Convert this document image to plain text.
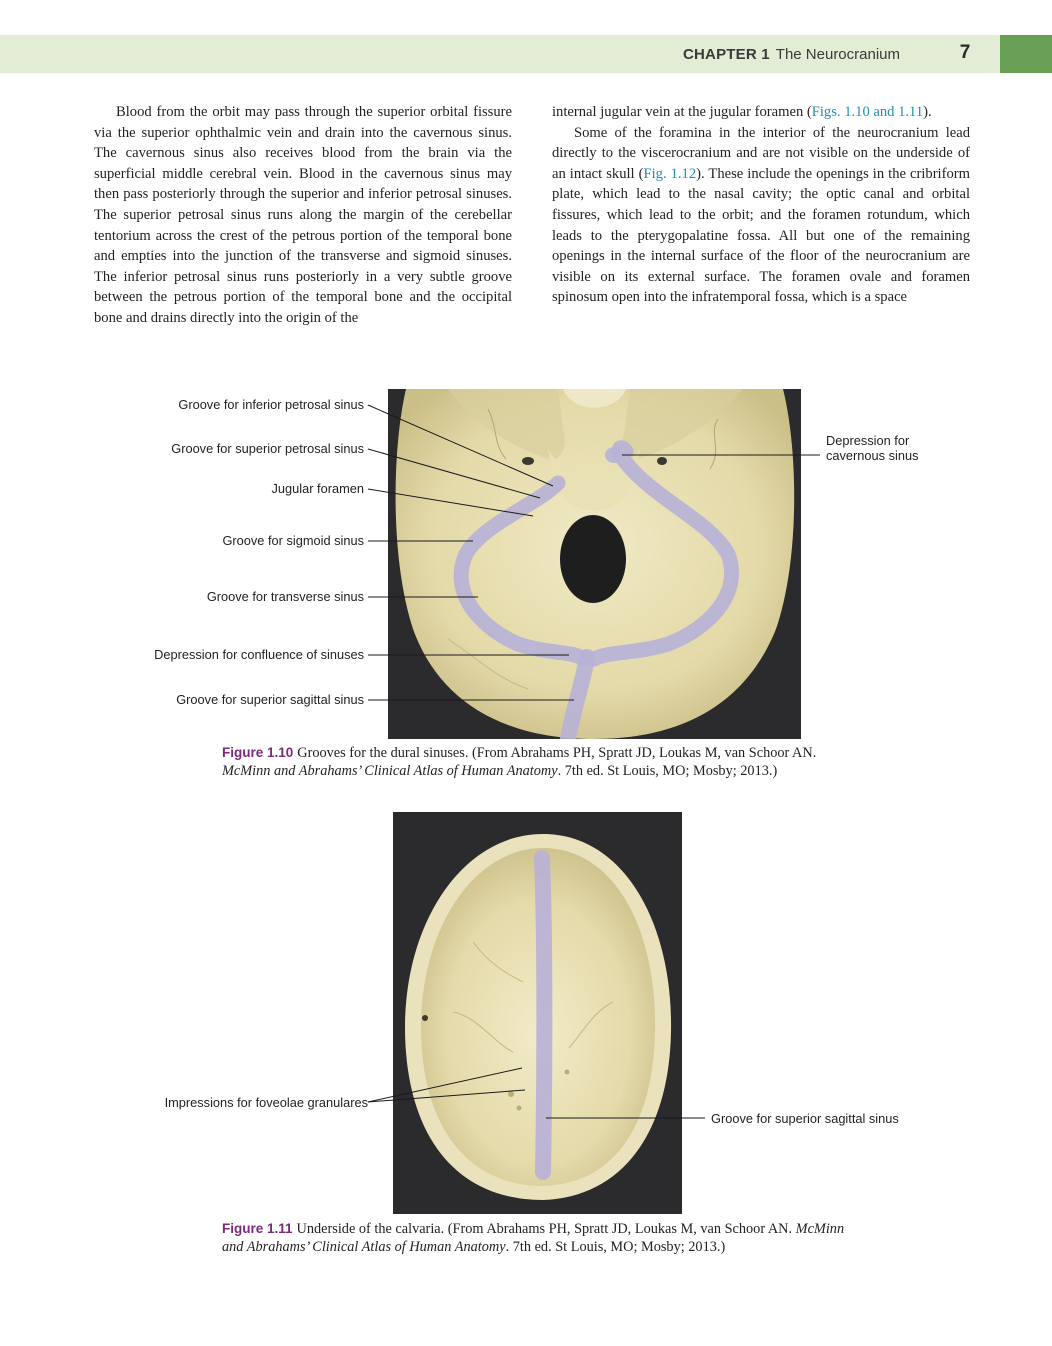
CHAPTER 1 The Neurocranium	7

Blood from the orbit may pass through the superior orbital fissure via the superior ophthalmic vein and drain into the cavernous sinus. The cavernous sinus also receives blood from the brain via the superficial middle cerebral vein. Blood in the cavernous sinus may then pass posteriorly through the superior and inferior petrosal sinuses. The superior petrosal sinus runs along the margin of the cerebellar tentorium across the crest of the petrous portion of the temporal bone and empties into the junction of the transverse and sigmoid sinuses. The inferior petrosal sinus runs posteriorly in a very subtle groove between the petrous portion of the temporal bone and the occipital bone and drains directly into the origin of the

internal jugular vein at the jugular foramen (Figs. 1.10 and 1.11).

Some of the foramina in the interior of the neurocranium lead directly to the viscerocranium and are not visible on the underside of an intact skull (Fig. 1.12). These include the openings in the cribriform plate, which lead to the nasal cavity; the optic canal and orbital fissures, which lead to the orbit; and the foramen rotundum, which leads to the pterygopalatine fossa. All but one of the remaining openings in the internal surface of the floor of the neurocranium are visible on its external surface. The foramen ovale and foramen spinosum open into the infratemporal fossa, which is a space

Groove for inferior petrosal sinus
Groove for superior petrosal sinus
Jugular foramen
Groove for sigmoid sinus
Groove for transverse sinus
Depression for confluence of sinuses
Groove for superior sagittal sinus
Depression for
cavernous sinus
Figure 1.10 Grooves for the dural sinuses. (From Abrahams PH, Spratt JD, Loukas M, van Schoor AN. McMinn and Abrahams’ Clinical Atlas of Human Anatomy. 7th ed. St Louis, MO; Mosby; 2013.)
Impressions for foveolae granulares
Groove for superior sagittal sinus
Figure 1.11 Underside of the calvaria. (From Abrahams PH, Spratt JD, Loukas M, van Schoor AN. McMinn and Abrahams’ Clinical Atlas of Human Anatomy. 7th ed. St Louis, MO; Mosby; 2013.)
